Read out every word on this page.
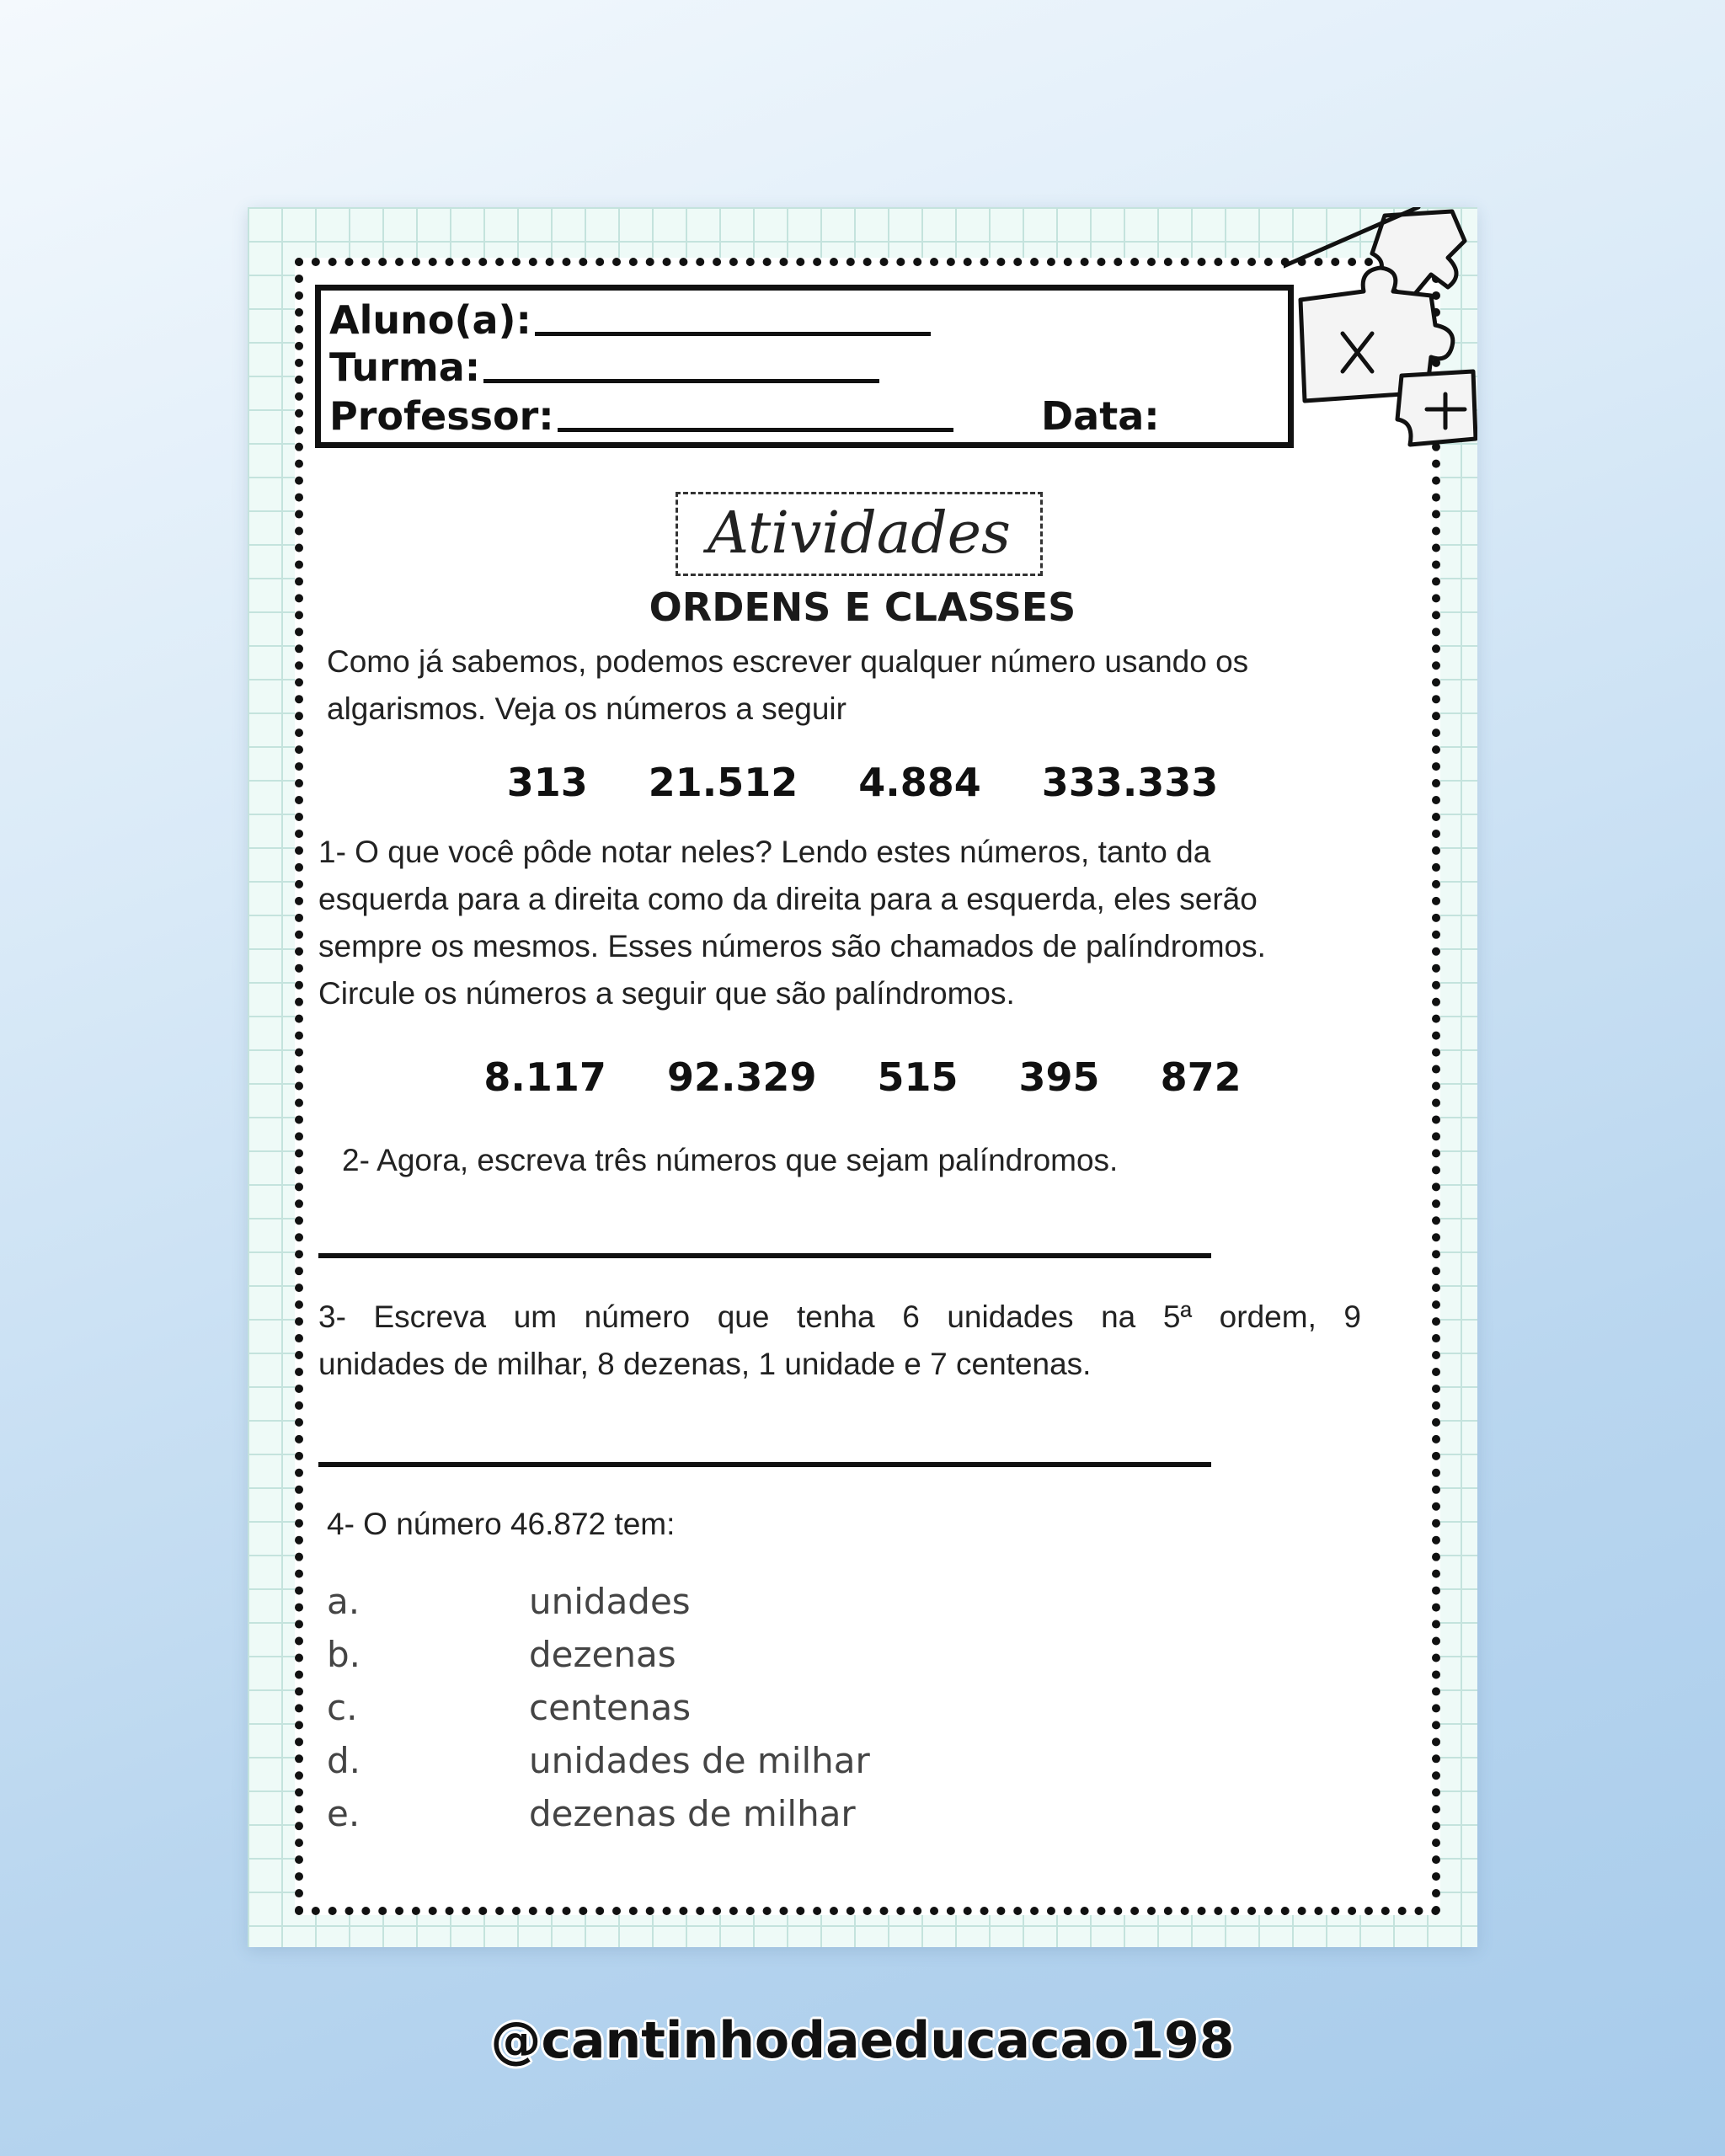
Aluno(a):
Turma:
Professor:	Data:
Atividades
ORDENS E CLASSES
Como já sabemos, podemos escrever qualquer número usando os
algarismos. Veja os números a seguir
313 21.512 4.884 333.333
1- O que você pôde notar neles? Lendo estes números, tanto da
esquerda para a direita como da direita para a esquerda, eles serão
sempre os mesmos. Esses números são chamados de palíndromos.
Circule os números a seguir que são palíndromos.
8.117 92.329 515 395 872
2- Agora, escreva três números que sejam palíndromos.
3- Escreva um número que tenha 6 unidades na 5ª ordem, 9
unidades de milhar, 8 dezenas, 1 unidade e 7 centenas.
4- O número 46.872 tem:
a.	unidades
b.	dezenas
c.	centenas
d.	unidades de milhar
e.	dezenas de milhar
@cantinhodaeducacao198
